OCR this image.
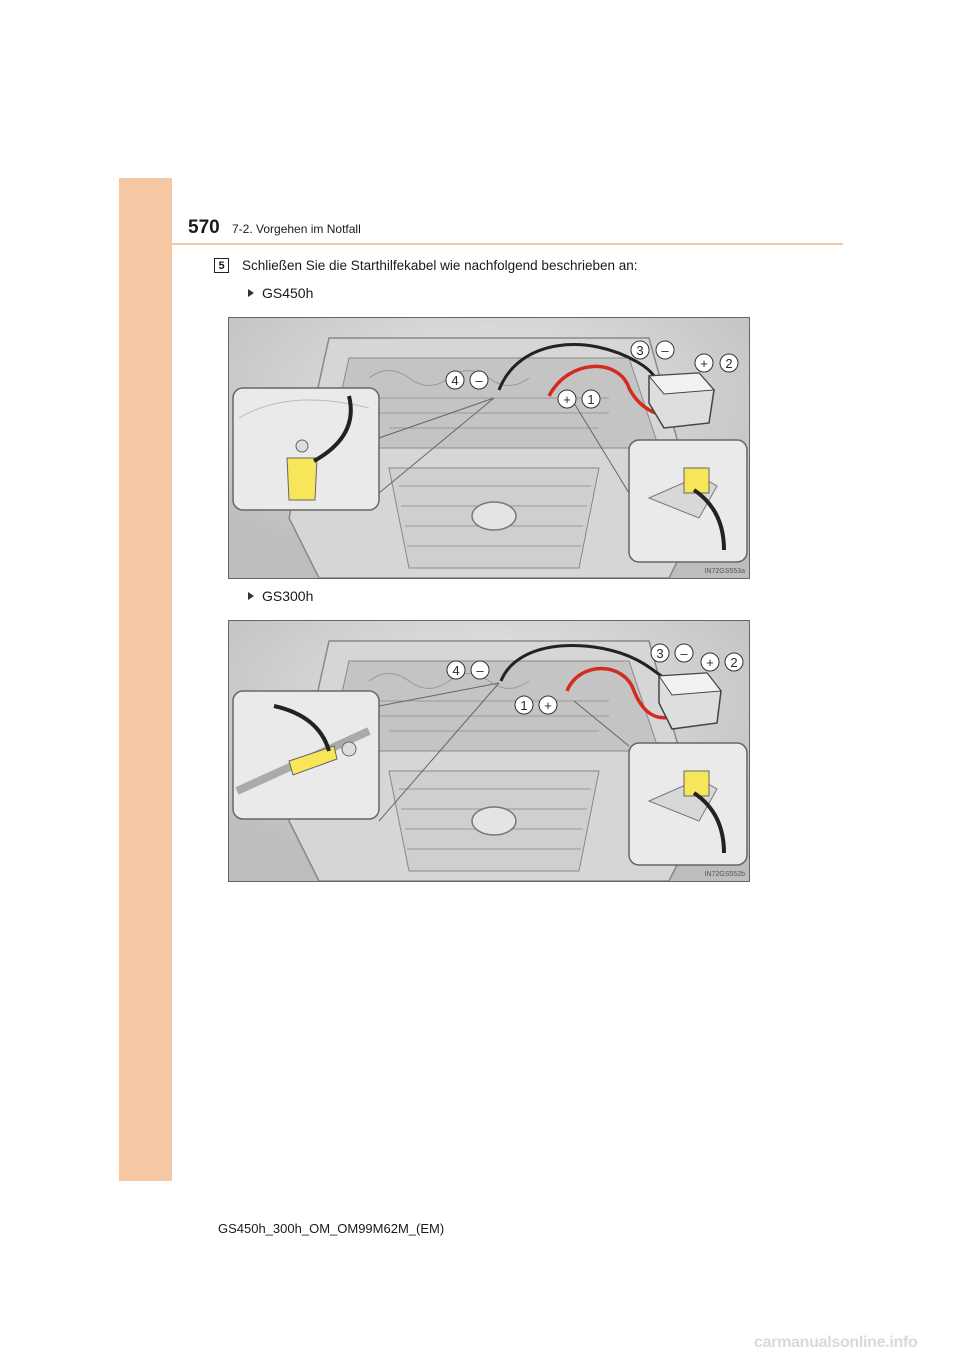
570 7-2. Vorgehen im Notfall
5	Schließen Sie die Starthilfekabel wie nachfolgend beschrieben an:
GS450h
3 –
+ 2
4 –
+ 1
IN72GS553a
GS300h
3 –
+ 2
4 –
1 +
IN72GS552b
GS450h_300h_OM_OM99M62M_(EM)
carmanualsonline.info
